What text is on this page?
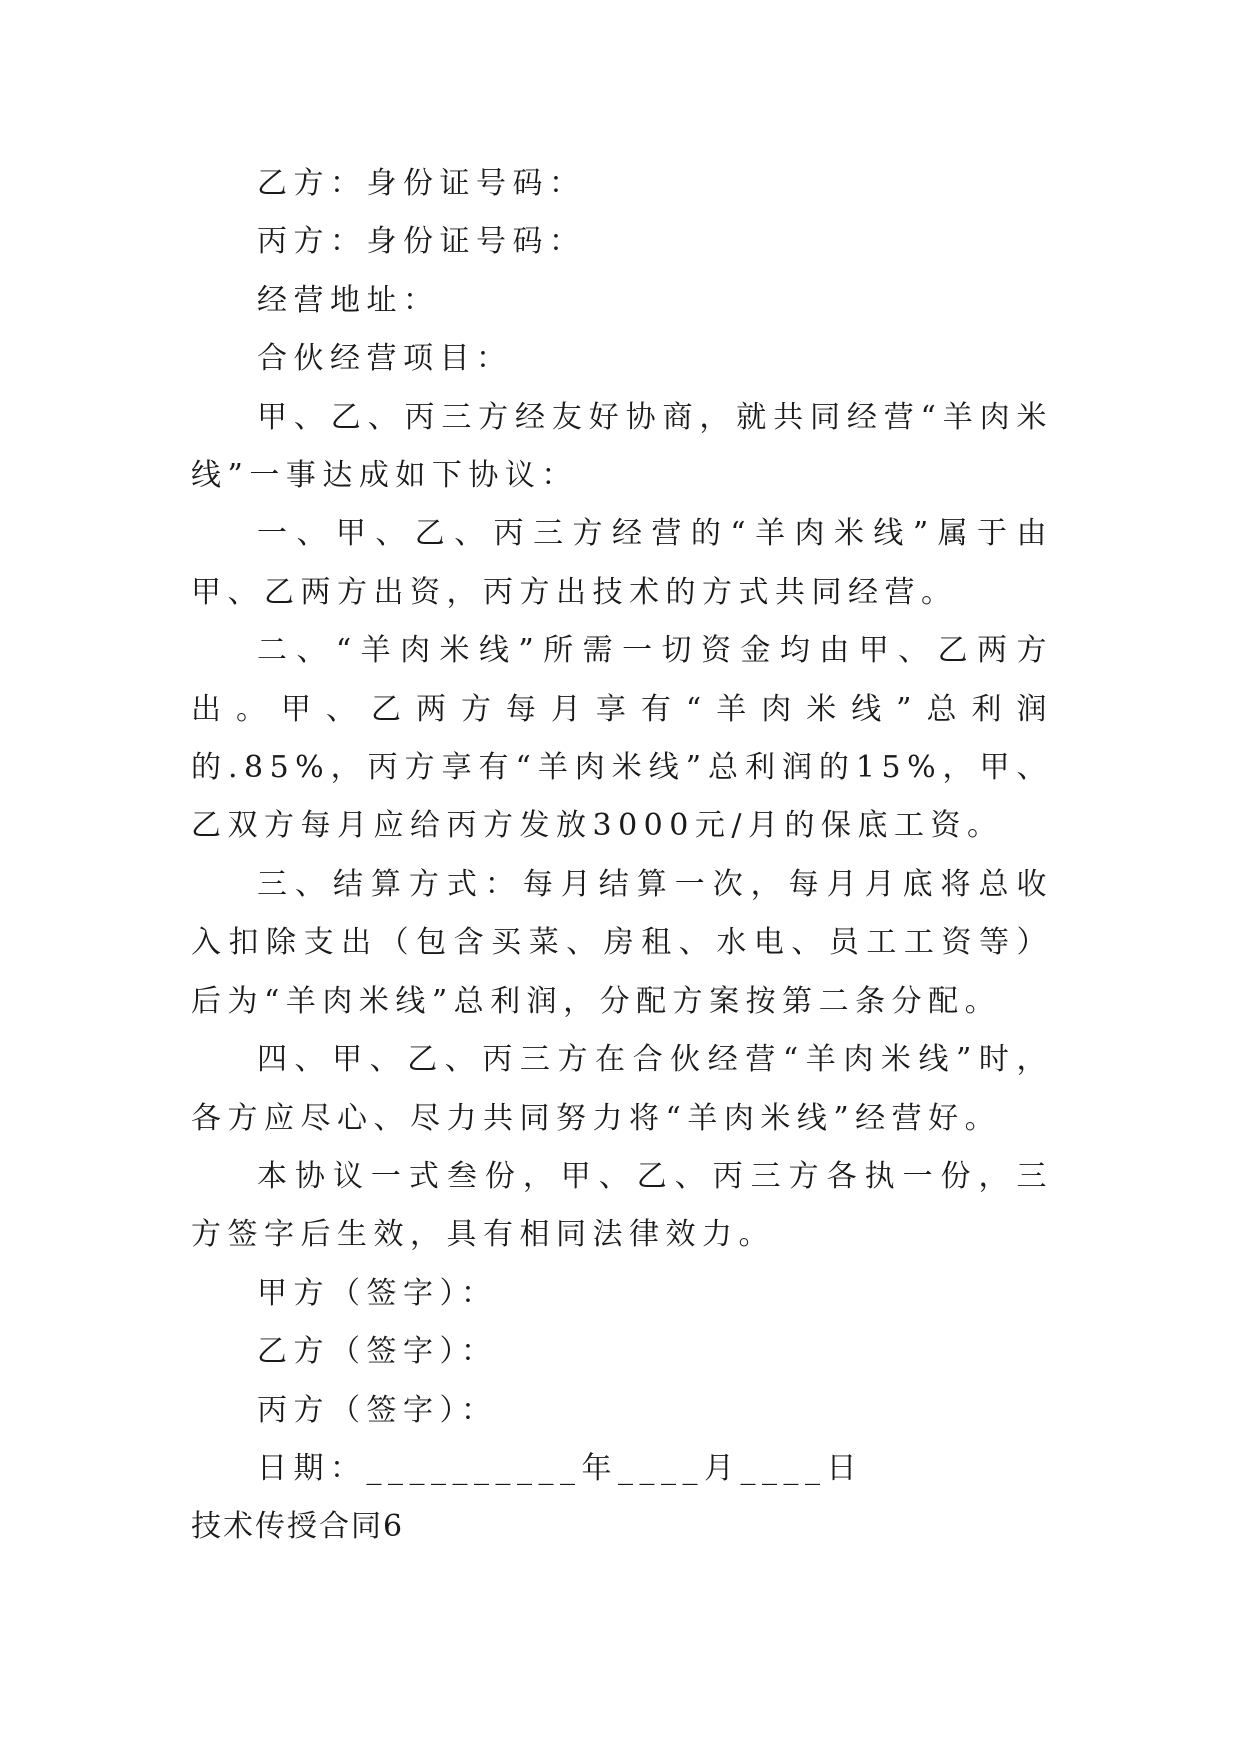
乙方：身份证号码：

丙方：身份证号码：

经营地址：

合伙经营项目：

甲、乙、丙三方经友好协商，就共同经营“羊肉米线”一事达成如下协议：

一、甲、乙、丙三方经营的“羊肉米线”属于由甲、乙两方出资，丙方出技术的方式共同经营。

二、“羊肉米线”所需一切资金均由甲、乙两方出。甲、乙两方每月享有“羊肉米线”总利润的.85%，丙方享有“羊肉米线”总利润的15%，甲、乙双方每月应给丙方发放3000元/月的保底工资。

三、结算方式：每月结算一次，每月月底将总收入扣除支出（包含买菜、房租、水电、员工工资等）后为“羊肉米线”总利润，分配方案按第二条分配。

四、甲、乙、丙三方在合伙经营“羊肉米线”时，各方应尽心、尽力共同努力将“羊肉米线”经营好。

本协议一式叁份，甲、乙、丙三方各执一份，三方签字后生效，具有相同法律效力。

甲方（签字）：

乙方（签字）：

丙方（签字）：

日期：__________年____月____日

技术传授合同6
